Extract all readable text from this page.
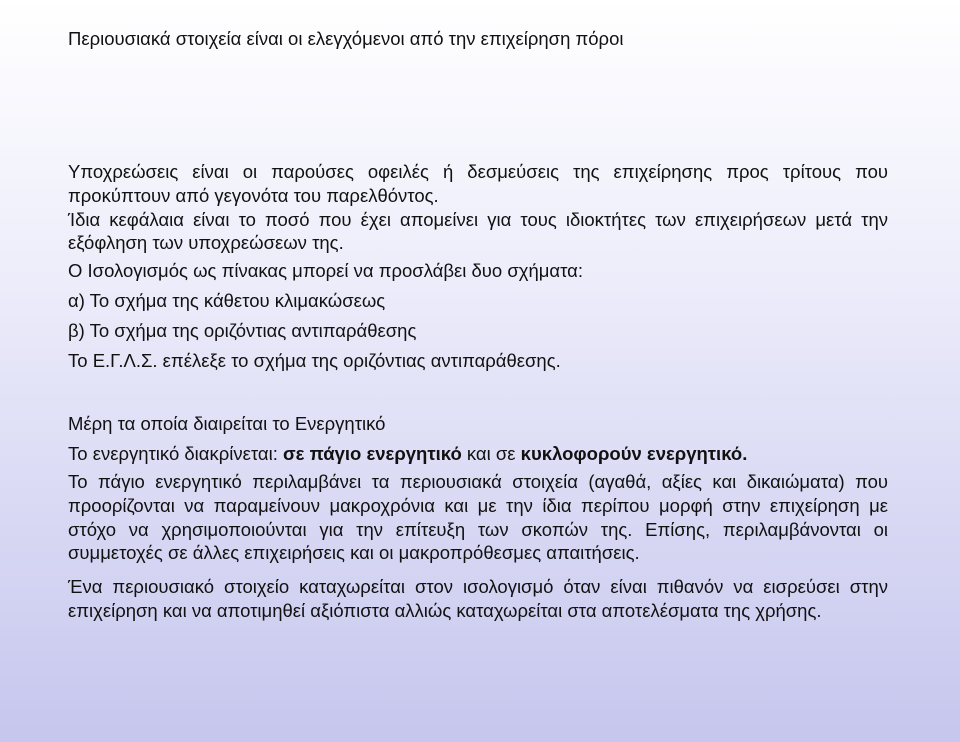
Περιουσιακά στοιχεία είναι οι ελεγχόμενοι από την επιχείρηση πόροι

Υποχρεώσεις είναι οι παρούσες οφειλές ή δεσμεύσεις της επιχείρησης προς τρίτους που προκύπτουν από γεγονότα του παρελθόντος.

Ίδια κεφάλαια είναι το ποσό που έχει απομείνει για τους ιδιοκτήτες των επιχειρήσεων μετά την εξόφληση των υποχρεώσεων της.

Ο Ισολογισμός ως πίνακας μπορεί να προσλάβει δυο σχήματα:

α) Το σχήμα της κάθετου κλιμακώσεως

β) Το σχήμα της οριζόντιας αντιπαράθεσης

Το Ε.Γ.Λ.Σ. επέλεξε το σχήμα της οριζόντιας αντιπαράθεσης.

Μέρη τα οποία διαιρείται το Ενεργητικό

Το ενεργητικό διακρίνεται: σε πάγιο ενεργητικό και σε κυκλοφορούν ενεργητικό.

Το πάγιο ενεργητικό περιλαμβάνει τα περιουσιακά στοιχεία (αγαθά, αξίες και δικαιώματα) που προορίζονται να παραμείνουν μακροχρόνια και με την ίδια περίπου μορφή στην επιχείρηση με στόχο να χρησιμοποιούνται για την επίτευξη των σκοπών της. Επίσης, περιλαμβάνονται οι συμμετοχές σε άλλες επιχειρήσεις και οι μακροπρόθεσμες απαιτήσεις.

Ένα περιουσιακό στοιχείο καταχωρείται στον ισολογισμό όταν είναι πιθανόν να εισρεύσει στην επιχείρηση και να αποτιμηθεί αξιόπιστα αλλιώς καταχωρείται στα αποτελέσματα της χρήσης.
